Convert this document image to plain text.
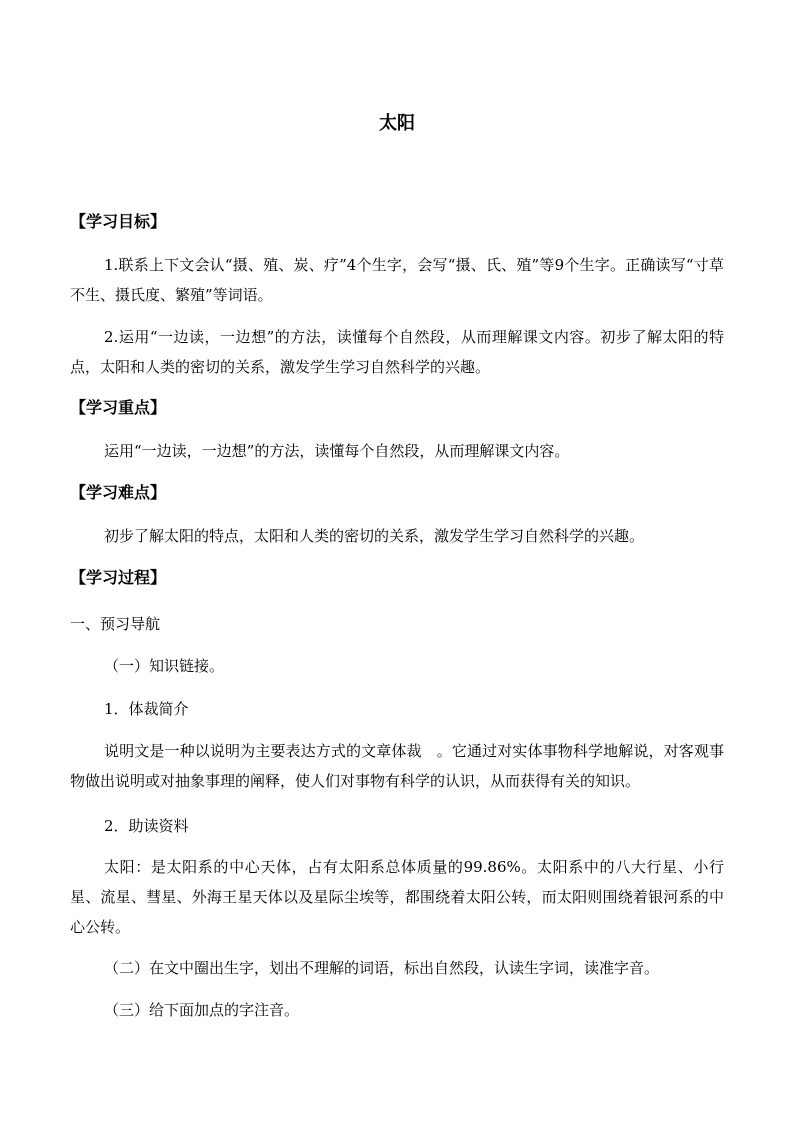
太阳
【学习目标】
1.联系上下文会认“摄、殖、炭、疗”4个生字，会写“摄、氏、殖”等9个生字。正确读写“寸草不生、摄氏度、繁殖”等词语。
2.运用“一边读，一边想”的方法，读懂每个自然段，从而理解课文内容。初步了解太阳的特点，太阳和人类的密切的关系，激发学生学习自然科学的兴趣。
【学习重点】
运用“一边读，一边想”的方法，读懂每个自然段，从而理解课文内容。
【学习难点】
初步了解太阳的特点，太阳和人类的密切的关系，激发学生学习自然科学的兴趣。
【学习过程】
一、预习导航
（一）知识链接。
1．体裁简介
说明文是一种以说明为主要表达方式的文章体裁　。它通过对实体事物科学地解说，对客观事物做出说明或对抽象事理的阐释，使人们对事物有科学的认识，从而获得有关的知识。
2．助读资料
太阳：是太阳系的中心天体，占有太阳系总体质量的99.86%。太阳系中的八大行星、小行星、流星、彗星、外海王星天体以及星际尘埃等，都围绕着太阳公转，而太阳则围绕着银河系的中心公转。
（二）在文中圈出生字，划出不理解的词语，标出自然段，认读生字词，读准字音。
（三）给下面加点的字注音。
